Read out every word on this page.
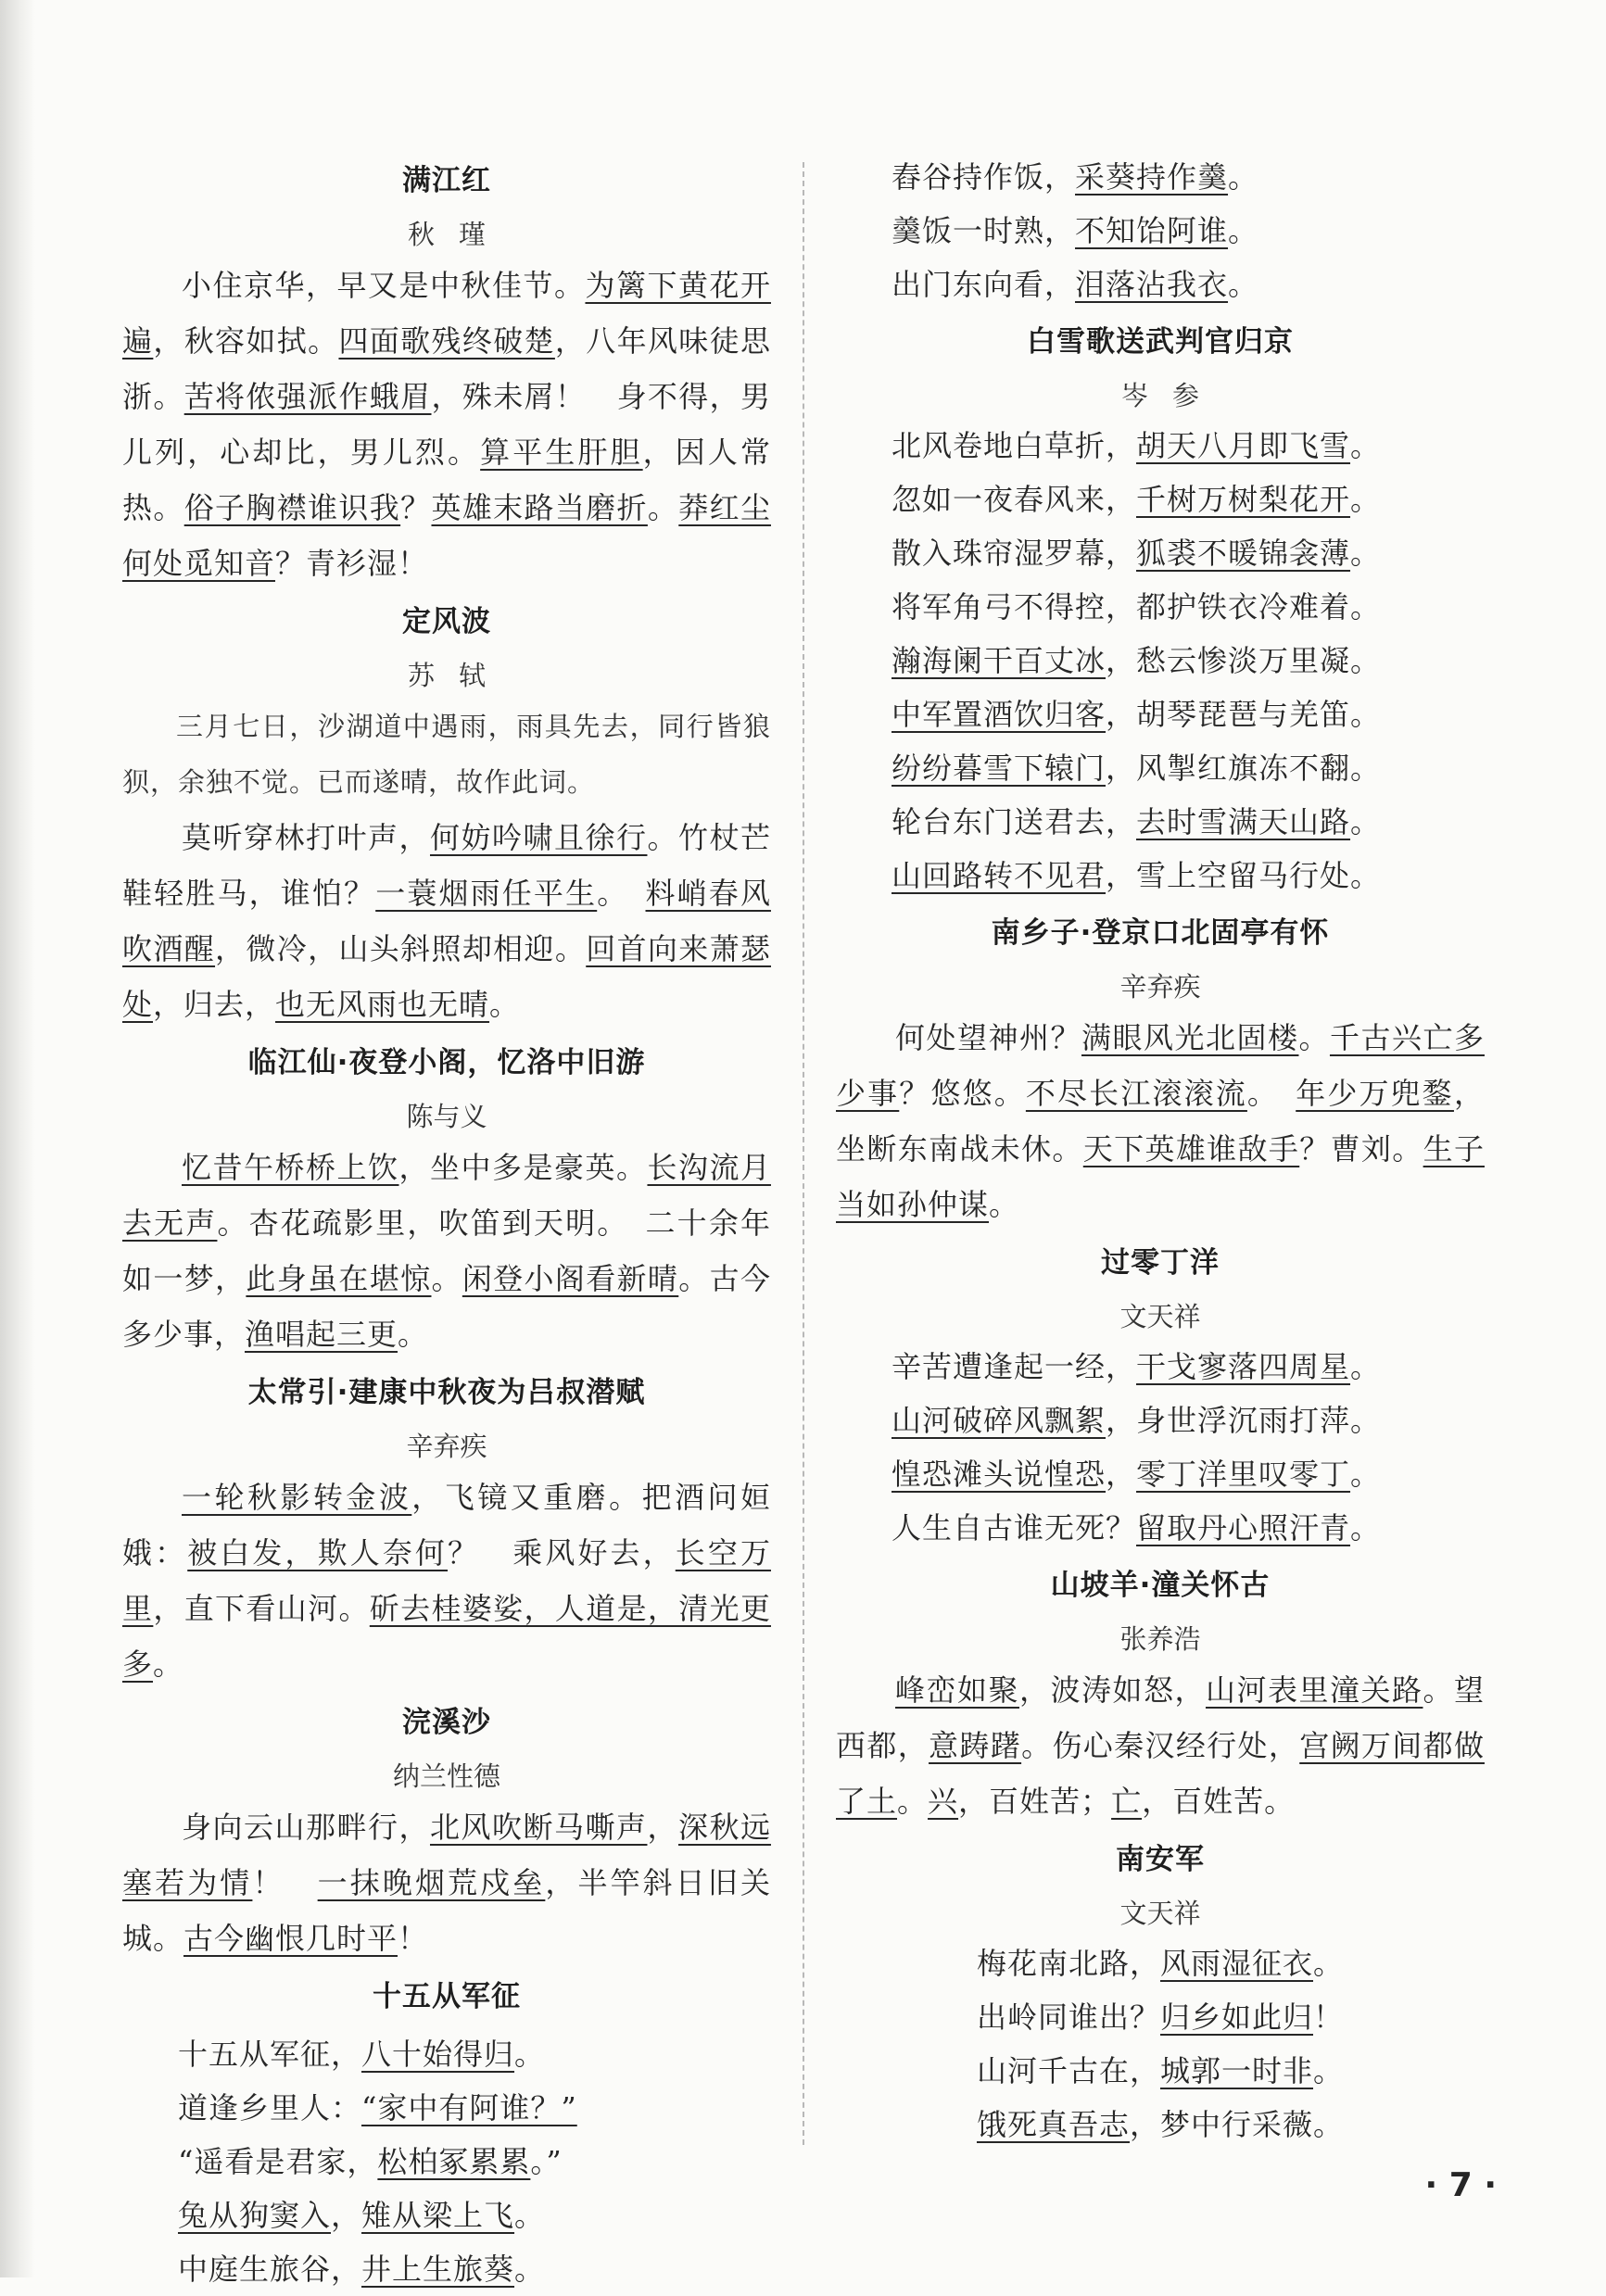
满江红
秋瑾
小住京华，早又是中秋佳节。为篱下黄花开遍，秋容如拭。四面歌残终破楚，八年风味徒思浙。苦将侬强派作蛾眉，殊未屑！　身不得，男儿列，心却比，男儿烈。算平生肝胆，因人常热。俗子胸襟谁识我？英雄末路当磨折。莽红尘何处觅知音？青衫湿！
定风波
苏轼
三月七日，沙湖道中遇雨，雨具先去，同行皆狼狈，余独不觉。已而遂晴，故作此词。
莫听穿林打叶声，何妨吟啸且徐行。竹杖芒鞋轻胜马，谁怕？一蓑烟雨任平生。　料峭春风吹酒醒，微冷，山头斜照却相迎。回首向来萧瑟处，归去，也无风雨也无晴。
临江仙·夜登小阁，忆洛中旧游
陈与义
忆昔午桥桥上饮，坐中多是豪英。长沟流月去无声。杏花疏影里，吹笛到天明。　二十余年如一梦，此身虽在堪惊。闲登小阁看新晴。古今多少事，渔唱起三更。
太常引·建康中秋夜为吕叔潜赋
辛弃疾
一轮秋影转金波，飞镜又重磨。把酒问姮娥：被白发，欺人奈何？　乘风好去，长空万里，直下看山河。斫去桂婆娑，人道是，清光更多。
浣溪沙
纳兰性德
身向云山那畔行，北风吹断马嘶声，深秋远塞若为情！　一抹晚烟荒戍垒，半竿斜日旧关城。古今幽恨几时平！
十五从军征
十五从军征，八十始得归。
道逢乡里人：“家中有阿谁？”
“遥看是君家，松柏冢累累。”
兔从狗窦入，雉从梁上飞。
中庭生旅谷，井上生旅葵。
舂谷持作饭，采葵持作羹。
羹饭一时熟，不知饴阿谁。
出门东向看，泪落沾我衣。
白雪歌送武判官归京
岑参
北风卷地白草折，胡天八月即飞雪。
忽如一夜春风来，千树万树梨花开。
散入珠帘湿罗幕，狐裘不暖锦衾薄。
将军角弓不得控，都护铁衣冷难着。
瀚海阑干百丈冰，愁云惨淡万里凝。
中军置酒饮归客，胡琴琵琶与羌笛。
纷纷暮雪下辕门，风掣红旗冻不翻。
轮台东门送君去，去时雪满天山路。
山回路转不见君，雪上空留马行处。
南乡子·登京口北固亭有怀
辛弃疾
何处望神州？满眼风光北固楼。千古兴亡多少事？悠悠。不尽长江滚滚流。　年少万兜鍪，坐断东南战未休。天下英雄谁敌手？曹刘。生子当如孙仲谋。
过零丁洋
文天祥
辛苦遭逢起一经，干戈寥落四周星。
山河破碎风飘絮，身世浮沉雨打萍。
惶恐滩头说惶恐，零丁洋里叹零丁。
人生自古谁无死？留取丹心照汗青。
山坡羊·潼关怀古
张养浩
峰峦如聚，波涛如怒，山河表里潼关路。望西都，意踌躇。伤心秦汉经行处，宫阙万间都做了土。兴，百姓苦；亡，百姓苦。
南安军
文天祥
梅花南北路，风雨湿征衣。
出岭同谁出？归乡如此归！
山河千古在，城郭一时非。
饿死真吾志，梦中行采薇。
· 7 ·
